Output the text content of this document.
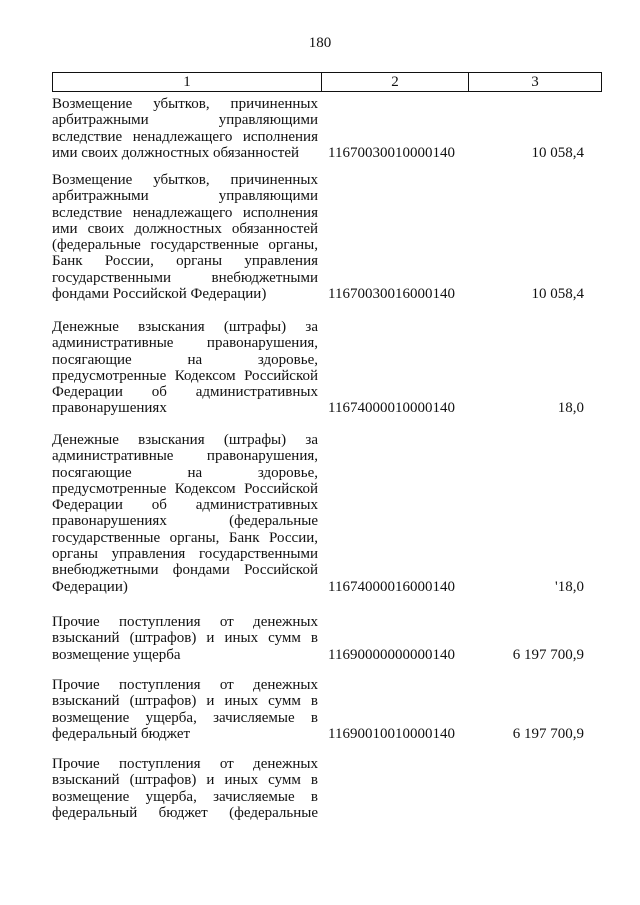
180
1	2	3
Возмещение убытков, причиненных
арбитражными управляющими
вследствие ненадлежащего исполнения
ими своих должностных обязанностей	11670030010000140	10 058,4
Возмещение убытков, причиненных
арбитражными управляющими
вследствие ненадлежащего исполнения
ими своих должностных обязанностей
(федеральные государственные органы,
Банк России, органы управления
государственными внебюджетными
фондами Российской Федерации)	11670030016000140	10 058,4
Денежные взыскания (штрафы) за
административные правонарушения,
посягающие на здоровье,
предусмотренные Кодексом Российской
Федерации об административных
правонарушениях	11674000010000140	18,0
Денежные взыскания (штрафы) за
административные правонарушения,
посягающие на здоровье,
предусмотренные Кодексом Российской
Федерации об административных
правонарушениях (федеральные
государственные органы, Банк России,
органы управления государственными
внебюджетными фондами Российской
Федерации)	11674000016000140	'18,0
Прочие поступления от денежных
взысканий (штрафов) и иных сумм в
возмещение ущерба	11690000000000140	6 197 700,9
Прочие поступления от денежных
взысканий (штрафов) и иных сумм в
возмещение ущерба, зачисляемые в
федеральный бюджет	11690010010000140	6 197 700,9
Прочие поступления от денежных
взысканий (штрафов) и иных сумм в
возмещение ущерба, зачисляемые в
федеральный бюджет (федеральные
